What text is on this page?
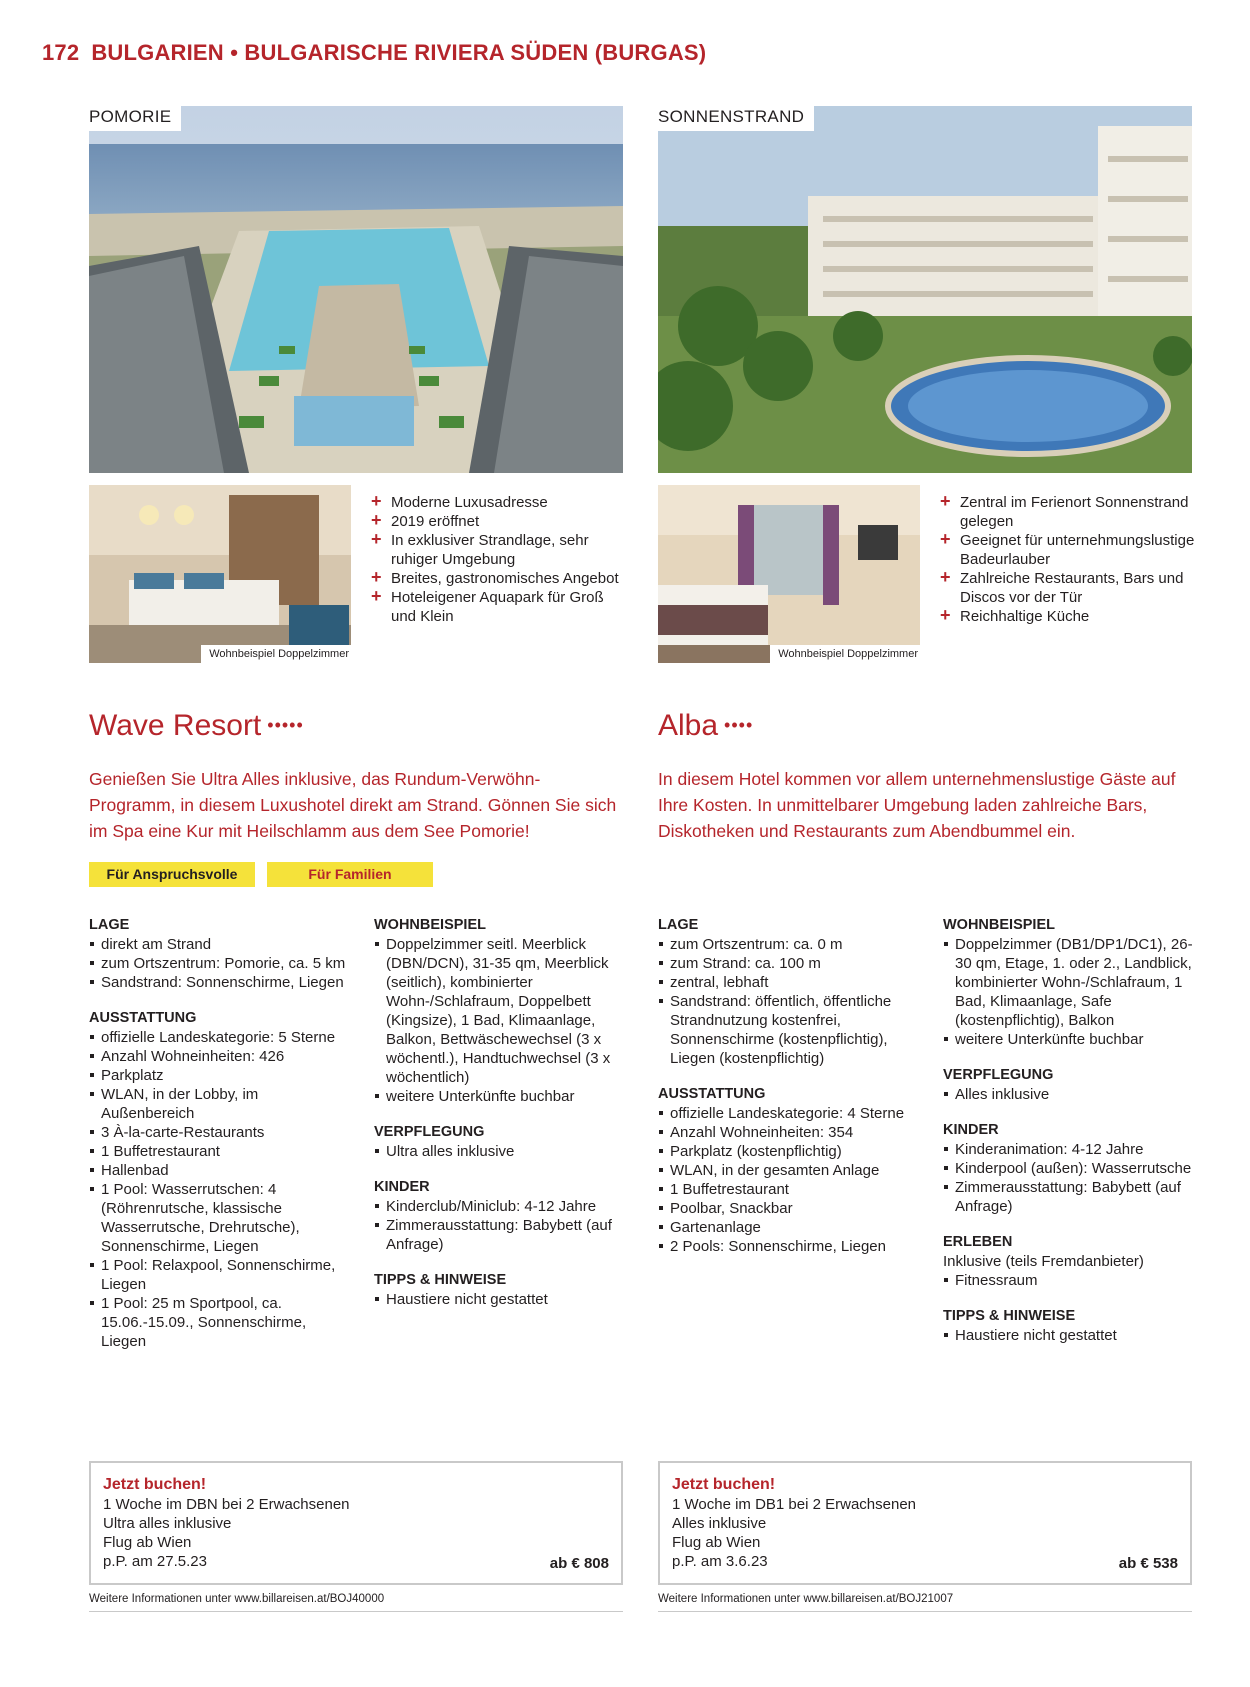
172 BULGARIEN • BULGARISCHE RIVIERA SÜDEN (BURGAS)
POMORIE
Wohnbeispiel Doppelzimmer
+ Moderne Luxusadresse
+ 2019 eröffnet
+ In exklusiver Strandlage, sehr ruhiger Umgebung
+ Breites, gastronomisches Angebot
+ Hoteleigener Aquapark für Groß und Klein
Wave Resort •••••

Genießen Sie Ultra Alles inklusive, das Rundum-Verwöhn-Programm, in diesem Luxushotel direkt am Strand. Gönnen Sie sich im Spa eine Kur mit Heilschlamm aus dem See Pomorie!

Für Anspruchsvolle	Für Familien
LAGE
direkt am Strand
zum Ortszentrum: Pomorie, ca. 5 km
Sandstrand: Sonnenschirme, Liegen
AUSSTATTUNG
offizielle Landeskategorie: 5 Sterne
Anzahl Wohneinheiten: 426
Parkplatz
WLAN, in der Lobby, im Außenbereich
3 À-la-carte-Restaurants
1 Buffetrestaurant
Hallenbad
1 Pool: Wasserrutschen: 4 (Röhrenrutsche, klassische Wasserrutsche, Drehrutsche), Sonnenschirme, Liegen
1 Pool: Relaxpool, Sonnenschirme, Liegen
1 Pool: 25 m Sportpool, ca. 15.06.-15.09., Sonnenschirme, Liegen
WOHNBEISPIEL
Doppelzimmer seitl. Meerblick (DBN/DCN), 31-35 qm, Meerblick (seitlich), kombinierter Wohn-/Schlafraum, Doppelbett (Kingsize), 1 Bad, Klimaanlage, Balkon, Bettwäschewechsel (3 x wöchentl.), Handtuchwechsel (3 x wöchentlich)
weitere Unterkünfte buchbar
VERPFLEGUNG
Ultra alles inklusive
KINDER
Kinderclub/Miniclub: 4-12 Jahre
Zimmerausstattung: Babybett (auf Anfrage)
TIPPS & HINWEISE
Haustiere nicht gestattet
Jetzt buchen!
1 Woche im DBN bei 2 Erwachsenen
Ultra alles inklusive
Flug ab Wien
p.P. am 27.5.23	ab € 808
Weitere Informationen unter www.billareisen.at/BOJ40000
SONNENSTRAND
Wohnbeispiel Doppelzimmer
+ Zentral im Ferienort Sonnenstrand gelegen
+ Geeignet für unternehmungslustige Badeurlauber
+ Zahlreiche Restaurants, Bars und Discos vor der Tür
+ Reichhaltige Küche
Alba ••••

In diesem Hotel kommen vor allem unternehmenslustige Gäste auf Ihre Kosten. In unmittelbarer Umgebung laden zahlreiche Bars, Diskotheken und Restaurants zum Abendbummel ein.

LAGE
zum Ortszentrum: ca. 0 m
zum Strand: ca. 100 m
zentral, lebhaft
Sandstrand: öffentlich, öffentliche Strandnutzung kostenfrei, Sonnenschirme (kostenpflichtig), Liegen (kostenpflichtig)
AUSSTATTUNG
offizielle Landeskategorie: 4 Sterne
Anzahl Wohneinheiten: 354
Parkplatz (kostenpflichtig)
WLAN, in der gesamten Anlage
1 Buffetrestaurant
Poolbar, Snackbar
Gartenanlage
2 Pools: Sonnenschirme, Liegen
WOHNBEISPIEL
Doppelzimmer (DB1/DP1/DC1), 26-30 qm, Etage, 1. oder 2., Landblick, kombinierter Wohn-/Schlafraum, 1 Bad, Klimaanlage, Safe (kostenpflichtig), Balkon
weitere Unterkünfte buchbar
VERPFLEGUNG
Alles inklusive
KINDER
Kinderanimation: 4-12 Jahre
Kinderpool (außen): Wasserrutsche
Zimmerausstattung: Babybett (auf Anfrage)
ERLEBEN
Inklusive (teils Fremdanbieter)
Fitnessraum
TIPPS & HINWEISE
Haustiere nicht gestattet
Jetzt buchen!
1 Woche im DB1 bei 2 Erwachsenen
Alles inklusive
Flug ab Wien
p.P. am 3.6.23	ab € 538
Weitere Informationen unter www.billareisen.at/BOJ21007
